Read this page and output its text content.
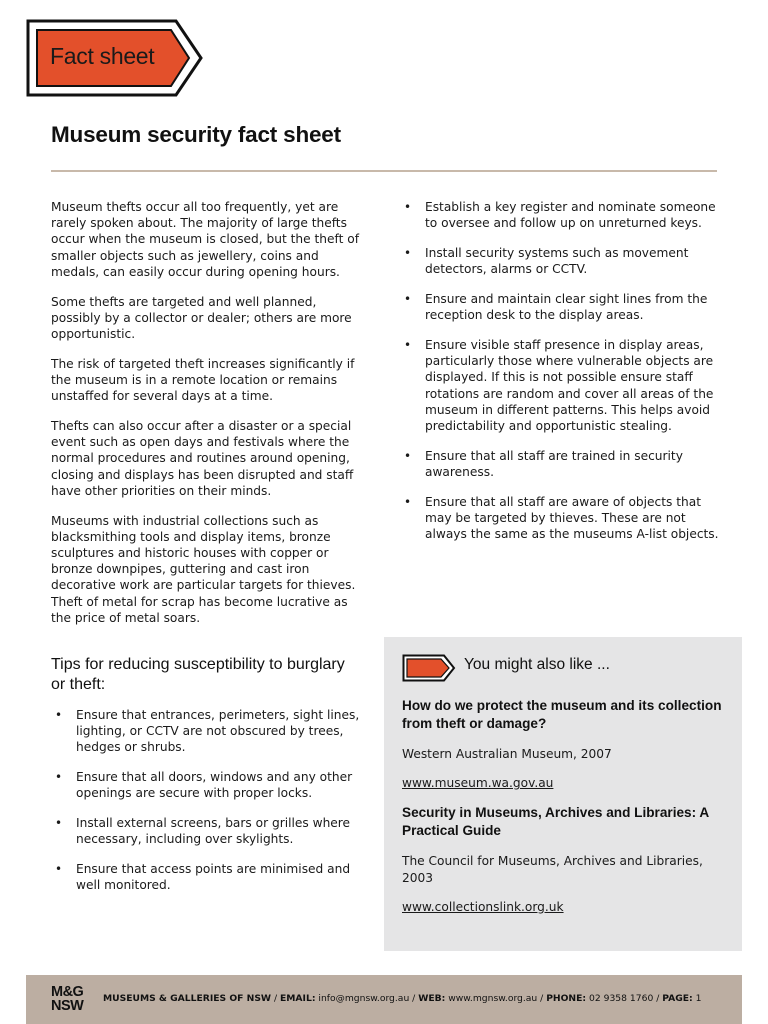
Fact sheet
Museum security fact sheet

Museum thefts occur all too frequently, yet are rarely spoken about. The majority of large thefts occur when the museum is closed, but the theft of smaller objects such as jewellery, coins and medals, can easily occur during opening hours.

Some thefts are targeted and well planned, possibly by a collector or dealer; others are more opportunistic.

The risk of targeted theft increases significantly if the museum is in a remote location or remains unstaffed for several days at a time.

Thefts can also occur after a disaster or a special event such as open days and festivals where the normal procedures and routines around opening, closing and displays has been disrupted and staff have other priorities on their minds.

Museums with industrial collections such as blacksmithing tools and display items, bronze sculptures and historic houses with copper or bronze downpipes, guttering and cast iron decorative work are particular targets for thieves. Theft of metal for scrap has become lucrative as the price of metal soars.

Tips for reducing susceptibility to burglary or theft:
• Ensure that entrances, perimeters, sight lines, lighting, or CCTV are not obscured by trees, hedges or shrubs.
• Ensure that all doors, windows and any other openings are secure with proper locks.
• Install external screens, bars or grilles where necessary, including over skylights.
• Ensure that access points are minimised and well monitored.
• Establish a key register and nominate someone to oversee and follow up on unreturned keys.
• Install security systems such as movement detectors, alarms or CCTV.
• Ensure and maintain clear sight lines from the reception desk to the display areas.
• Ensure visible staff presence in display areas, particularly those where vulnerable objects are displayed. If this is not possible ensure staff rotations are random and cover all areas of the museum in different patterns. This helps avoid predictability and opportunistic stealing.
• Ensure that all staff are trained in security awareness.
• Ensure that all staff are aware of objects that may be targeted by thieves. These are not always the same as the museums A-list objects.
You might also like ...
How do we protect the museum and its collection from theft or damage?
Western Australian Museum, 2007
www.museum.wa.gov.au
Security in Museums, Archives and Libraries: A Practical Guide
The Council for Museums, Archives and Libraries, 2003
www.collectionslink.org.uk
M&G
NSW MUSEUMS & GALLERIES OF NSW / EMAIL: info@mgnsw.org.au / WEB: www.mgnsw.org.au / PHONE: 02 9358 1760 / PAGE: 1
